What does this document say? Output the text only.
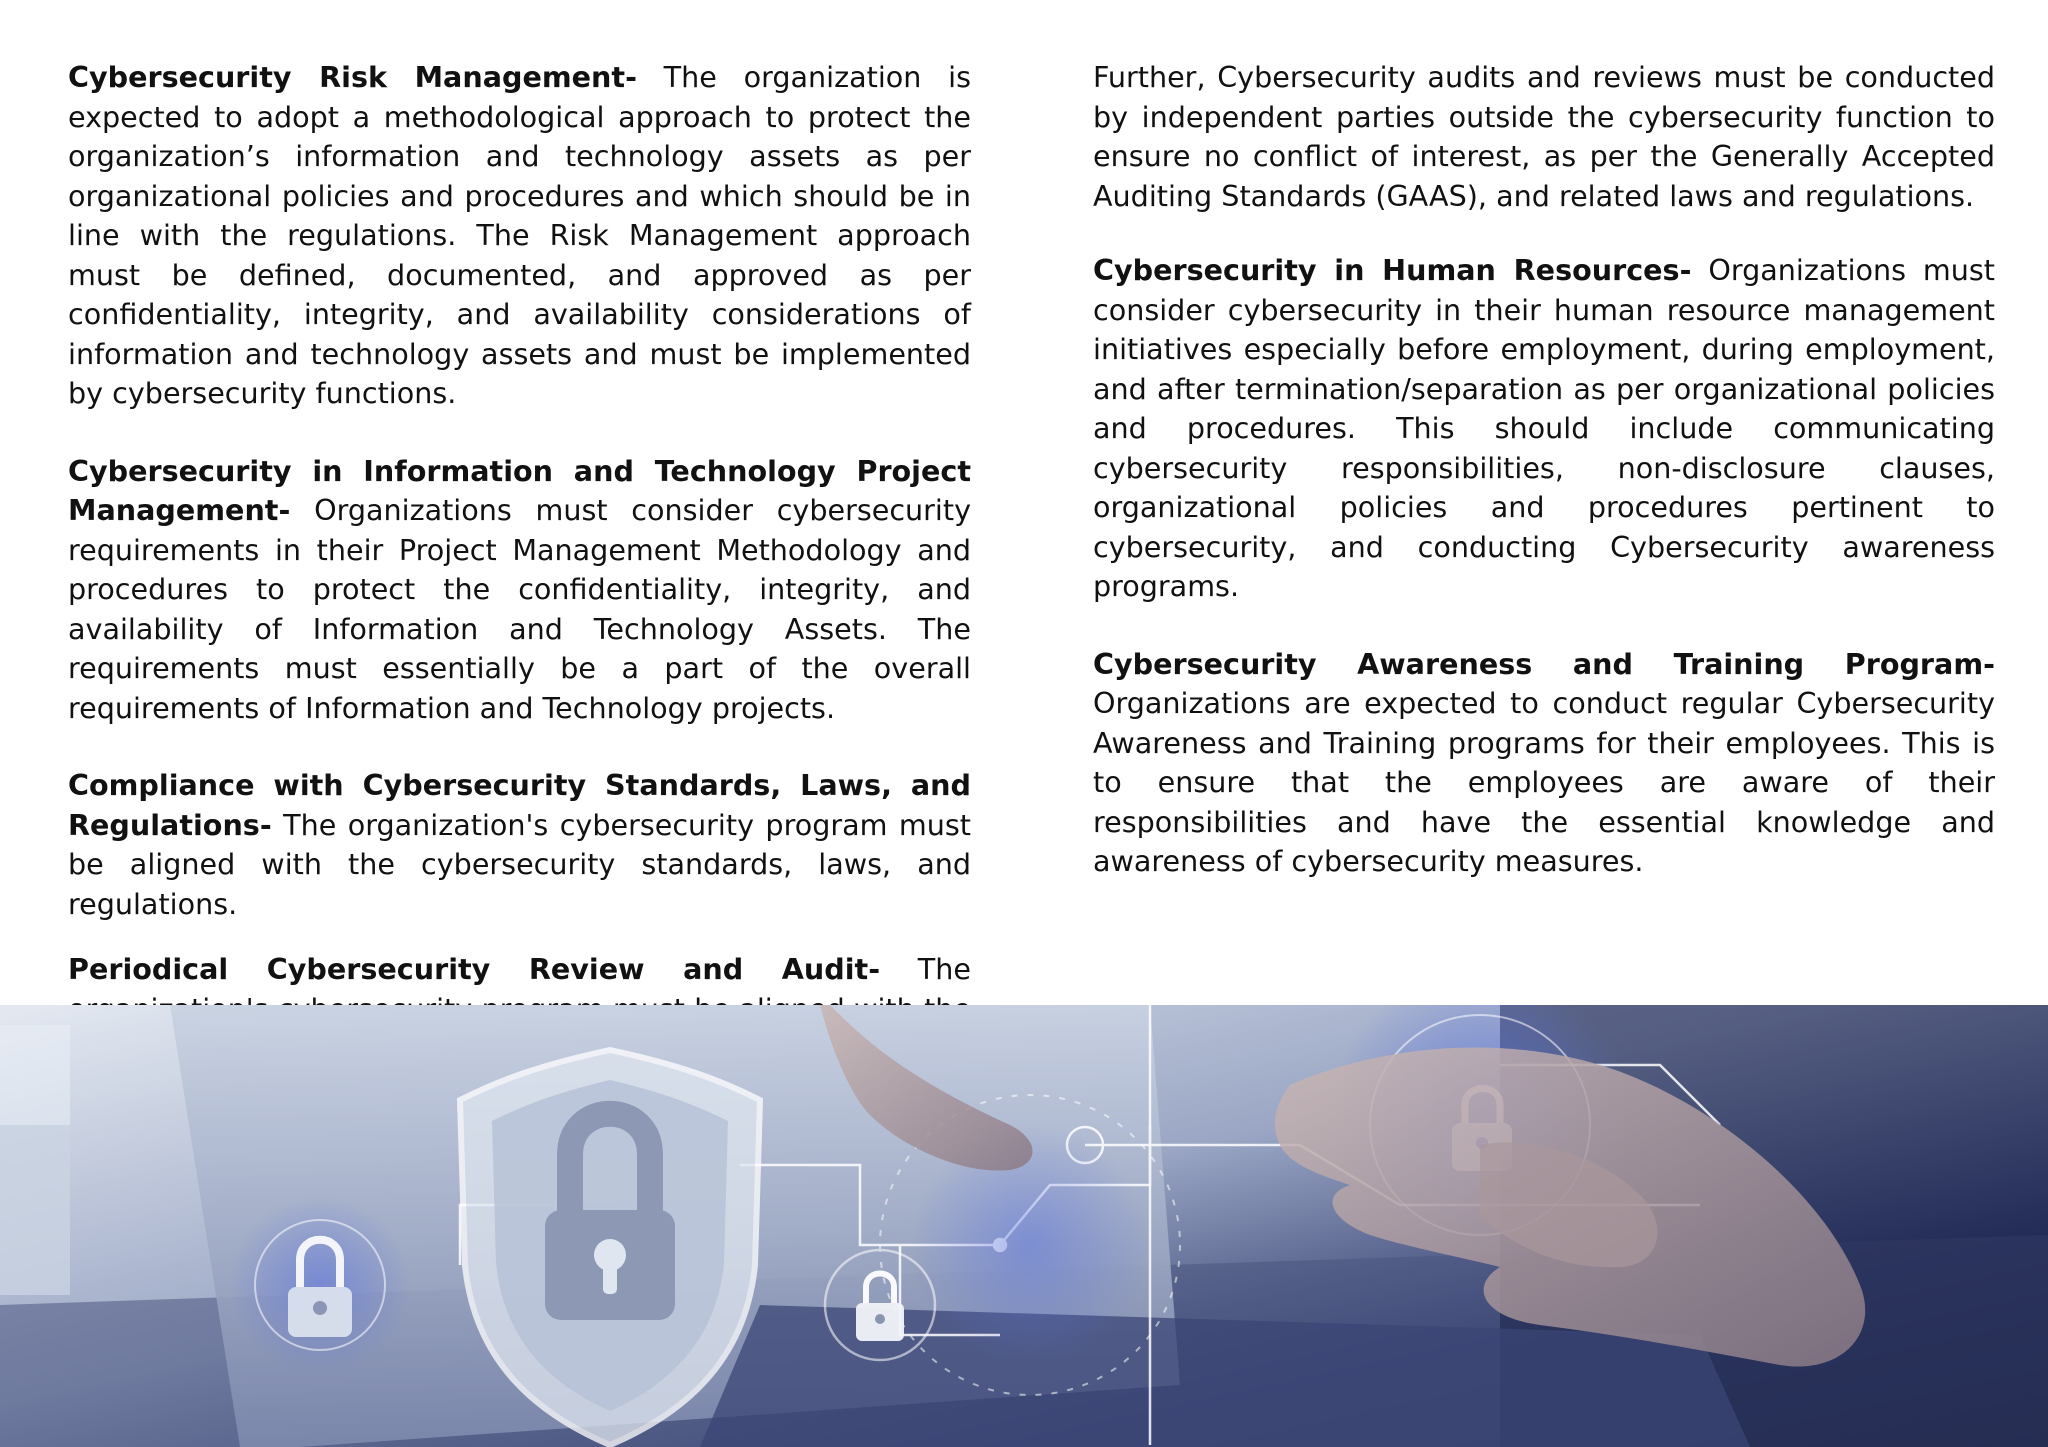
Cybersecurity Risk Management- The organization is expected to adopt a methodological approach to protect the organization’s information and technology assets as per organizational policies and procedures and which should be in line with the regulations. The Risk Management approach must be defined, documented, and approved as per confidentiality, integrity, and availability considerations of information and technology assets and must be implemented by cybersecurity functions.

Cybersecurity in Information and Technology Project Management- Organizations must consider cybersecurity requirements in their Project Management Methodology and procedures to protect the confidentiality, integrity, and availability of Information and Technology Assets. The requirements must essentially be a part of the overall requirements of Information and Technology projects.

Compliance with Cybersecurity Standards, Laws, and Regulations- The organization's cybersecurity program must be aligned with the cybersecurity standards, laws, and regulations.

Periodical Cybersecurity Review and Audit- The

Further, Cybersecurity audits and reviews must be conducted by independent parties outside the cybersecurity function to ensure no conflict of interest, as per the Generally Accepted Auditing Standards (GAAS), and related laws and regulations.

Cybersecurity in Human Resources- Organizations must consider cybersecurity in their human resource management initiatives especially before employment, during employment, and after termination/separation as per organizational policies and procedures. This should include communicating cybersecurity responsibilities, non-disclosure clauses, organizational policies and procedures pertinent to cybersecurity, and conducting Cybersecurity awareness programs.

Cybersecurity Awareness and Training Program- Organizations are expected to conduct regular Cybersecurity Awareness and Training programs for their employees. This is to ensure that the employees are aware of their responsibilities and have the essential knowledge and awareness of cybersecurity measures.
